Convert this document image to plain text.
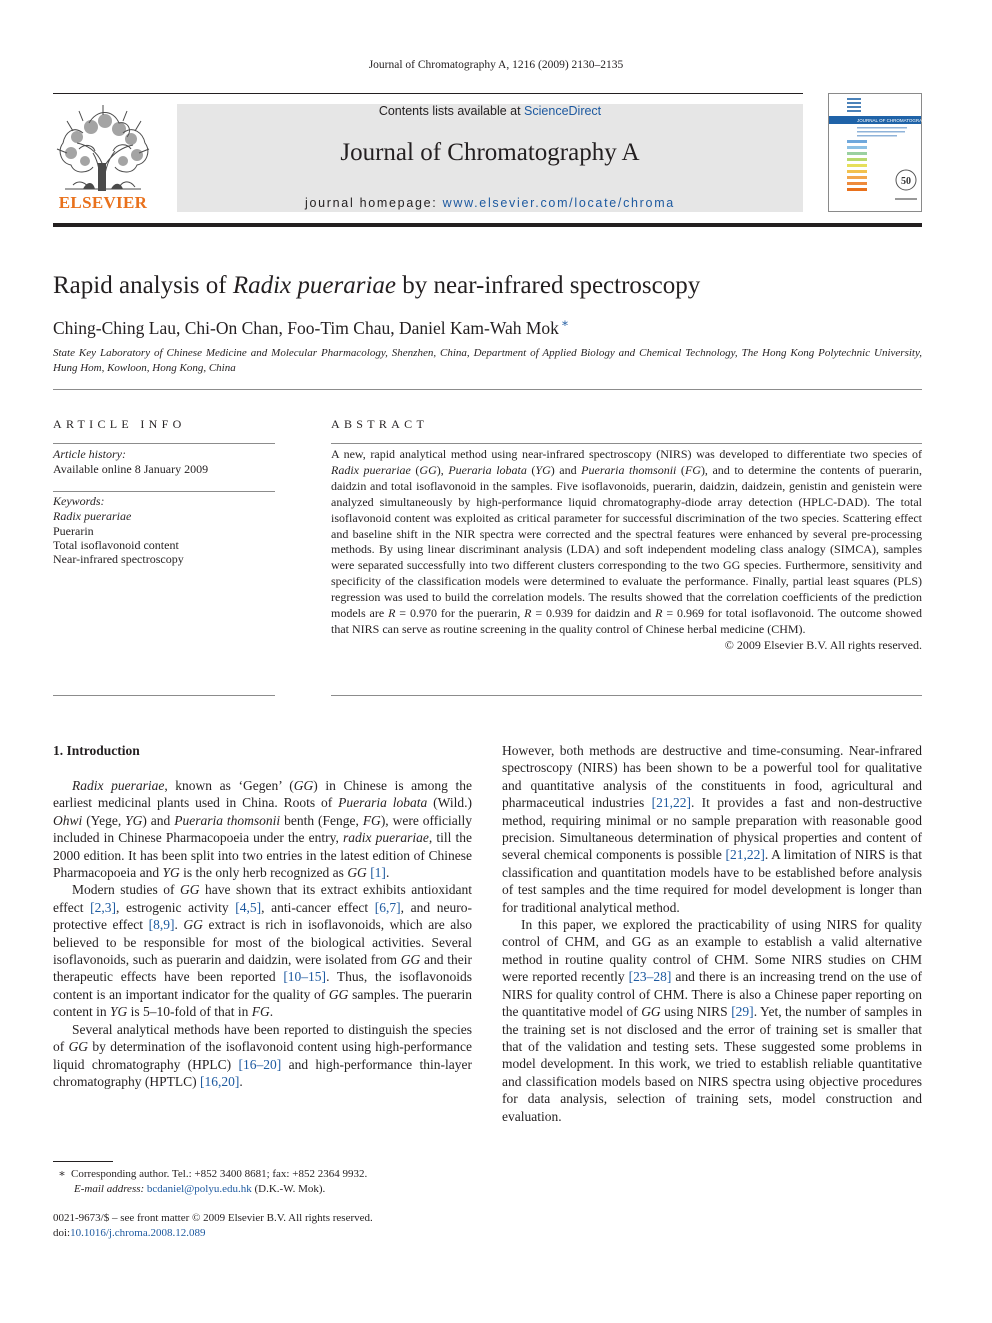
Journal of Chromatography A, 1216 (2009) 2130–2135
ELSEVIER
Contents lists available at ScienceDirect
Journal of Chromatography A
journal homepage: www.elsevier.com/locate/chroma
JOURNAL OF CHROMATOGRAPHY A
50
Rapid analysis of Radix puerariae by near-infrared spectroscopy
Ching-Ching Lau, Chi-On Chan, Foo-Tim Chau, Daniel Kam-Wah Mok ∗
State Key Laboratory of Chinese Medicine and Molecular Pharmacology, Shenzhen, China, Department of Applied Biology and Chemical Technology, The Hong Kong Polytechnic University, Hung Hom, Kowloon, Hong Kong, China
ARTICLE INFO
Article history:
Available online 8 January 2009
Keywords:
Radix puerariae
Puerarin
Total isoflavonoid content
Near-infrared spectroscopy
ABSTRACT
A new, rapid analytical method using near-infrared spectroscopy (NIRS) was developed to differentiate two species of Radix puerariae (GG), Pueraria lobata (YG) and Pueraria thomsonii (FG), and to determine the contents of puerarin, daidzin and total isoflavonoid in the samples. Five isoflavonoids, puerarin, daidzin, daidzein, genistin and genistein were analyzed simultaneously by high-performance liquid chromatography-diode array detection (HPLC-DAD). The total isoflavonoid content was exploited as critical parameter for successful discrimination of the two species. Scattering effect and baseline shift in the NIR spectra were corrected and the spectral features were enhanced by several pre-processing methods. By using linear discriminant analysis (LDA) and soft independent modeling class analogy (SIMCA), samples were separated successfully into two different clusters corresponding to the two GG species. Furthermore, sensitivity and specificity of the classification models were determined to evaluate the performance. Finally, partial least squares (PLS) regression was used to build the correlation models. The results showed that the correlation coefficients of the prediction models are R = 0.970 for the puerarin, R = 0.939 for daidzin and R = 0.969 for total isoflavonoid. The outcome showed that NIRS can serve as routine screening in the quality control of Chinese herbal medicine (CHM).
© 2009 Elsevier B.V. All rights reserved.
1. Introduction

Radix puerariae, known as ‘Gegen’ (GG) in Chinese is among the earliest medicinal plants used in China. Roots of Pueraria lobata (Wild.) Ohwi (Yege, YG) and Pueraria thomsonii benth (Fenge, FG), were officially included in Chinese Pharmacopoeia under the entry, radix puerariae, till the 2000 edition. It has been split into two entries in the latest edition of Chinese Pharmacopoeia and YG is the only herb recognized as GG [1].

Modern studies of GG have shown that its extract exhibits antioxidant effect [2,3], estrogenic activity [4,5], anti-cancer effect [6,7], and neuro-protective effect [8,9]. GG extract is rich in isoflavonoids, which are also believed to be responsible for most of the biological activities. Several isoflavonoids, such as puerarin and daidzin, were isolated from GG and their therapeutic effects have been reported [10–15]. Thus, the isoflavonoids content is an important indicator for the quality of GG samples. The puerarin content in YG is 5–10-fold of that in FG.

Several analytical methods have been reported to distinguish the species of GG by determination of the isoflavonoid content using high-performance liquid chromatography (HPLC) [16–20] and high-performance thin-layer chromatography (HPTLC) [16,20].

However, both methods are destructive and time-consuming. Near-infrared spectroscopy (NIRS) has been shown to be a powerful tool for qualitative and quantitative analysis of the constituents in food, agricultural and pharmaceutical industries [21,22]. It provides a fast and non-destructive method, requiring minimal or no sample preparation with reasonable good precision. Simultaneous determination of physical properties and content of several chemical components is possible [21,22]. A limitation of NIRS is that classification and quantitation models have to be established before analysis of test samples and the time required for model development is longer than for traditional analytical method.

In this paper, we explored the practicability of using NIRS for quality control of CHM, and GG as an example to establish a valid alternative method in routine quality control of CHM. Some NIRS studies on CHM were reported recently [23–28] and there is an increasing trend on the use of NIRS for quality control of CHM. There is also a Chinese paper reporting on the quantitative model of GG using NIRS [29]. Yet, the number of samples in the training set is not disclosed and the error of training set is smaller that that of the validation and testing sets. These suggested some problems in model development. In this work, we tried to establish reliable quantitative and classification models based on NIRS spectra using objective procedures for data analysis, selection of training sets, model construction and evaluation.

∗ Corresponding author. Tel.: +852 3400 8681; fax: +852 2364 9932.
E-mail address: bcdaniel@polyu.edu.hk (D.K.-W. Mok).
0021-9673/$ – see front matter © 2009 Elsevier B.V. All rights reserved.
doi:10.1016/j.chroma.2008.12.089
